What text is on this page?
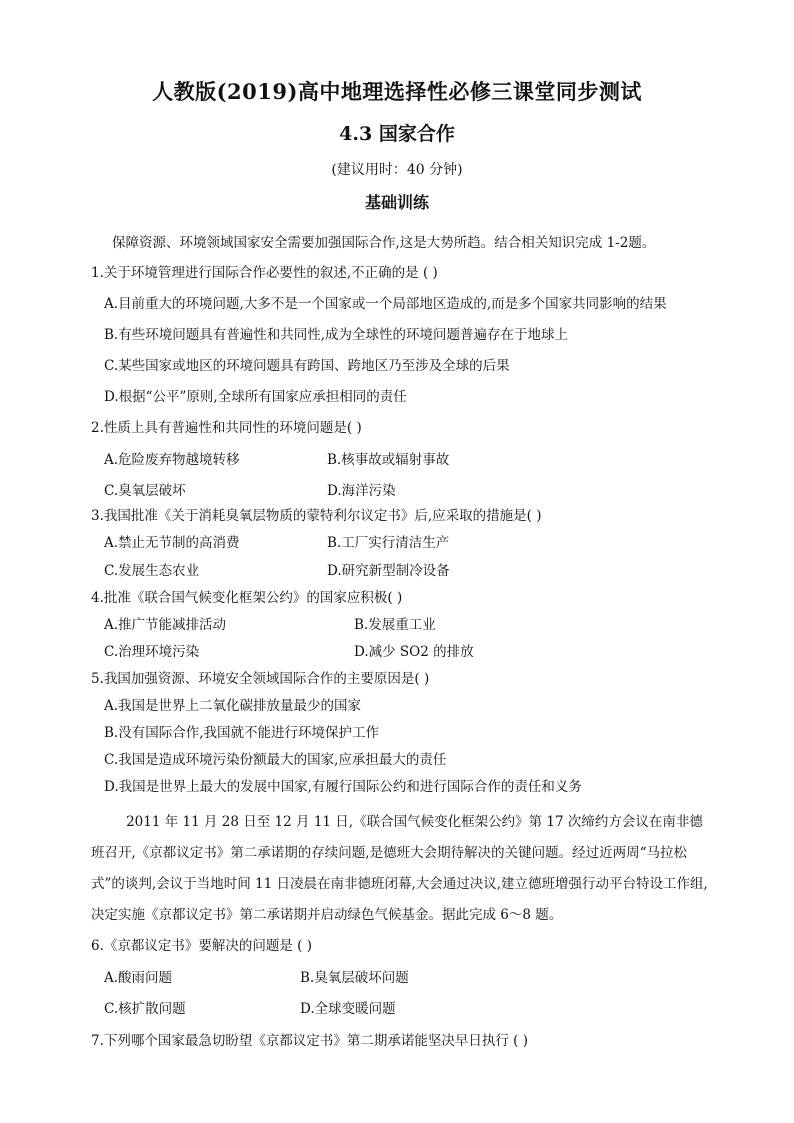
人教版(2019)高中地理选择性必修三课堂同步测试
4.3 国家合作
(建议用时：40 分钟)
基础训练
保障资源、环境领域国家安全需要加强国际合作,这是大势所趋。结合相关知识完成 1-2题。
1.关于环境管理进行国际合作必要性的叙述,不正确的是 ( )
A.目前重大的环境问题,大多不是一个国家或一个局部地区造成的,而是多个国家共同影响的结果
B.有些环境问题具有普遍性和共同性,成为全球性的环境问题普遍存在于地球上
C.某些国家或地区的环境问题具有跨国、跨地区乃至涉及全球的后果
D.根据“公平”原则,全球所有国家应承担相同的责任
2.性质上具有普遍性和共同性的环境问题是( )
A.危险废弃物越境转移	B.核事故或辐射事故
C.臭氧层破坏	D.海洋污染
3.我国批准《关于消耗臭氧层物质的蒙特利尔议定书》后,应采取的措施是( )
A.禁止无节制的高消费	B.工厂实行清洁生产
C.发展生态农业	D.研究新型制冷设备
4.批准《联合国气候变化框架公约》的国家应积极( )
A.推广节能减排活动	B.发展重工业
C.治理环境污染	D.减少 SO2 的排放
5.我国加强资源、环境安全领域国际合作的主要原因是( )
A.我国是世界上二氧化碳排放量最少的国家
B.没有国际合作,我国就不能进行环境保护工作
C.我国是造成环境污染份额最大的国家,应承担最大的责任
D.我国是世界上最大的发展中国家,有履行国际公约和进行国际合作的责任和义务
2011 年 11 月 28 日至 12 月 11 日,《联合国气候变化框架公约》第 17 次缔约方会议在南非德班召开,《京都议定书》第二承诺期的存续问题,是德班大会期待解决的关键问题。经过近两周“马拉松式”的谈判,会议于当地时间 11 日凌晨在南非德班闭幕,大会通过决议,建立德班增强行动平台特设工作组,决定实施《京都议定书》第二承诺期并启动绿色气候基金。据此完成 6～8 题。
6.《京都议定书》要解决的问题是 ( )
A.酸雨问题	B.臭氧层破坏问题
C.核扩散问题	D.全球变暖问题
7.下列哪个国家最急切盼望《京都议定书》第二期承诺能坚决早日执行 ( )
